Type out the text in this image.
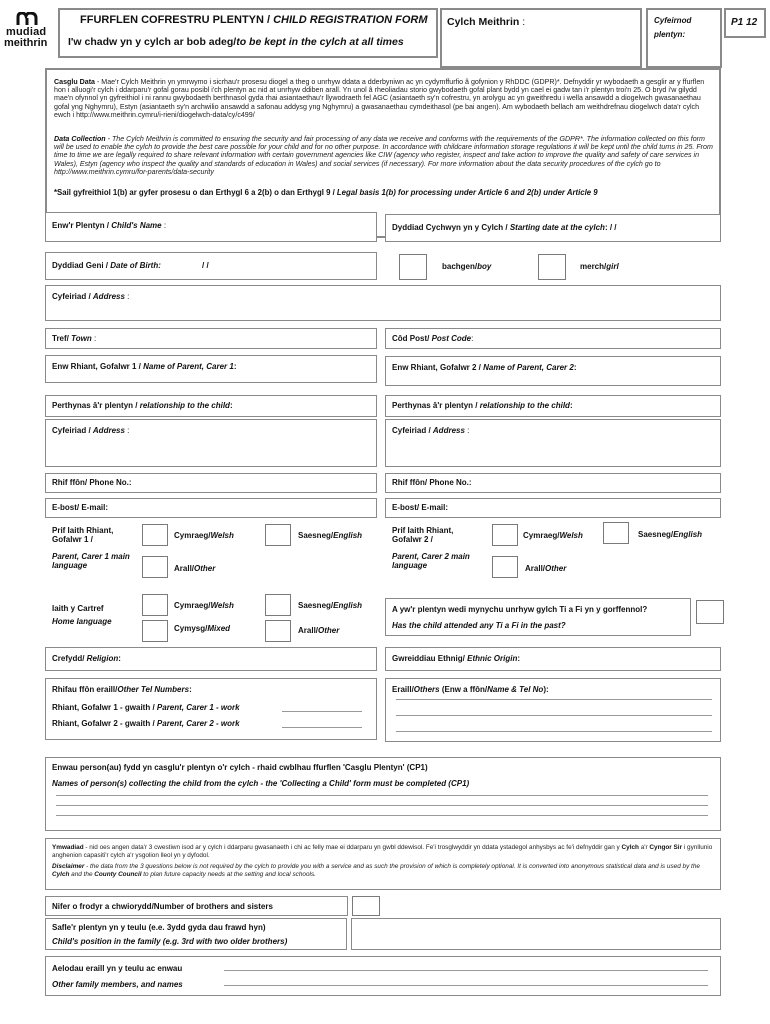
mudiad
meithrin
FFURFLEN COFRESTRU PLENTYN / CHILD REGISTRATION FORM
I'w chadw yn y cylch ar bob adeg/to be kept in the cylch at all times
Cylch Meithrin :	Cyfeirnod
plentyn:
P1 12
Casglu Data - Mae'r Cylch Meithrin yn ymrwymo i sicrhau'r prosesu diogel a theg o unrhyw ddata a dderbyniwn ac yn cydymffurfio â gofynion y RhDDC (GDPR)*. Defnyddir yr wybodaeth a gesglir ar y ffurflen hon i alluogi'r cylch i ddarparu'r gofal gorau posibl i'ch plentyn ac nid at unrhyw ddiben arall. Yn unol â rheoliadau storio gwybodaeth gofal plant bydd yn cael ei gadw tan i'r plentyn troi'n 25. O bryd i'w gilydd mae'n ofynnol yn gyfreithiol i ni rannu gwybodaeth berthnasol gyda rhai asiantaethau'r llywodraeth fel AGC (asiantaeth sy'n cofrestru, yn arolygu ac yn gweithredu i wella ansawdd a diogelwch gwasanaethau gofal yng Nghymru), Estyn (asiantaeth sy'n archwilio ansawdd a safonau addysg yng Nghymru) a gwasanaethau cymdeithasol (pe bai angen). Am wybodaeth bellach am weithdrefnau diogelwch data'r cylch ewch i http://www.meithrin.cymru/i-rieni/diogelwch-data/cy/c499/
Data Collection - The Cylch Meithrin is committed to ensuring the security and fair processing of any data we receive and conforms with the requirements of the GDPR*. The information collected on this form will be used to enable the cylch to provide the best care possible for your child and for no other purpose. In accordance with childcare information storage regulations it will be kept until the child turns in 25. From time to time we are legally required to share relevant information with certain government agencies like CIW (agency who register, inspect and take action to improve the quality and safety of care services in Wales), Estyn (agency who inspect the quality and standards of education in Wales) and social services (if necessary). For more information about the data security procedures of the cylch go to http://www.meithrin.cymru/for-parents/data-security
*Sail gyfreithiol 1(b) ar gyfer prosesu o dan Erthygl 6 a 2(b) o dan Erthygl 9 / Legal basis 1(b) for processing under Article 6 and 2(b) under Article 9
Enw'r Plentyn / Child's Name :	Dyddiad Cychwyn yn y Cylch / Starting date at the cylch: / /
Dyddiad Geni / Date of Birth:	/ /	bachgen/boy	merch/girl
Cyfeiriad / Address :
Tref/ Town :	Côd Post/ Post Code:
Enw Rhiant, Gofalwr 1 / Name of Parent, Carer 1:	Enw Rhiant, Gofalwr 2 / Name of Parent, Carer 2:
Perthynas â'r plentyn / relationship to the child:	Perthynas â'r plentyn / relationship to the child:
Cyfeiriad / Address :	Cyfeiriad / Address :
Rhif ffôn/ Phone No.:	Rhif ffôn/ Phone No.:
E-bost/ E-mail:	E-bost/ E-mail:
Prif Iaith Rhiant, Gofalwr 1 /
Parent, Carer 1 main language
Cymraeg/Welsh	Saesneg/English
Arall/Other
Prif Iaith Rhiant, Gofalwr 2 /
Parent, Carer 2 main language
Cymraeg/Welsh	Saesneg/English
Arall/Other
Iaith y Cartref
Home language
Cymraeg/Welsh	Saesneg/English
Cymysg/Mixed	Arall/Other
A yw'r plentyn wedi mynychu unrhyw gylch Ti a Fi yn y gorffennol?
Has the child attended any Ti a Fi in the past?
Crefydd/ Religion:	Gwreiddiau Ethnig/ Ethnic Origin:
Rhifau ffôn eraill/Other Tel Numbers:
Rhiant, Gofalwr 1 - gwaith / Parent, Carer 1 - work
Rhiant, Gofalwr 2 - gwaith / Parent, Carer 2 - work
Eraill/Others (Enw a ffôn/Name & Tel No):
Enwau person(au) fydd yn casglu'r plentyn o'r cylch - rhaid cwblhau ffurflen 'Casglu Plentyn' (CP1)
Names of person(s) collecting the child from the cylch - the 'Collecting a Child' form must be completed (CP1)
Ymwadiad - nid oes angen data'r 3 cwestiwn isod ar y cylch i ddarparu gwasanaeth i chi ac felly mae ei ddarparu yn gwbl ddewisol. Fe'i trosglwyddir yn ddata ystadegol anhysbys ac fe'i defnyddir gan y Cylch a'r Cyngor Sir i gynllunio anghenion capasiti'r cylch a'r ysgolion lleol yn y dyfodol.
Disclaimer - the data from the 3 questions below is not required by the cylch to provide you with a service and as such the provision of which is completely optional. It is converted into anonymous statistical data and is used by the Cylch and the County Council to plan future capacity needs at the setting and local schools.
Nifer o frodyr a chwiorydd/Number of brothers and sisters
Safle'r plentyn yn y teulu (e.e. 3ydd gyda dau frawd hyn)
Child's position in the family (e.g. 3rd with two older brothers)
Aelodau eraill yn y teulu ac enwau
Other family members, and names
